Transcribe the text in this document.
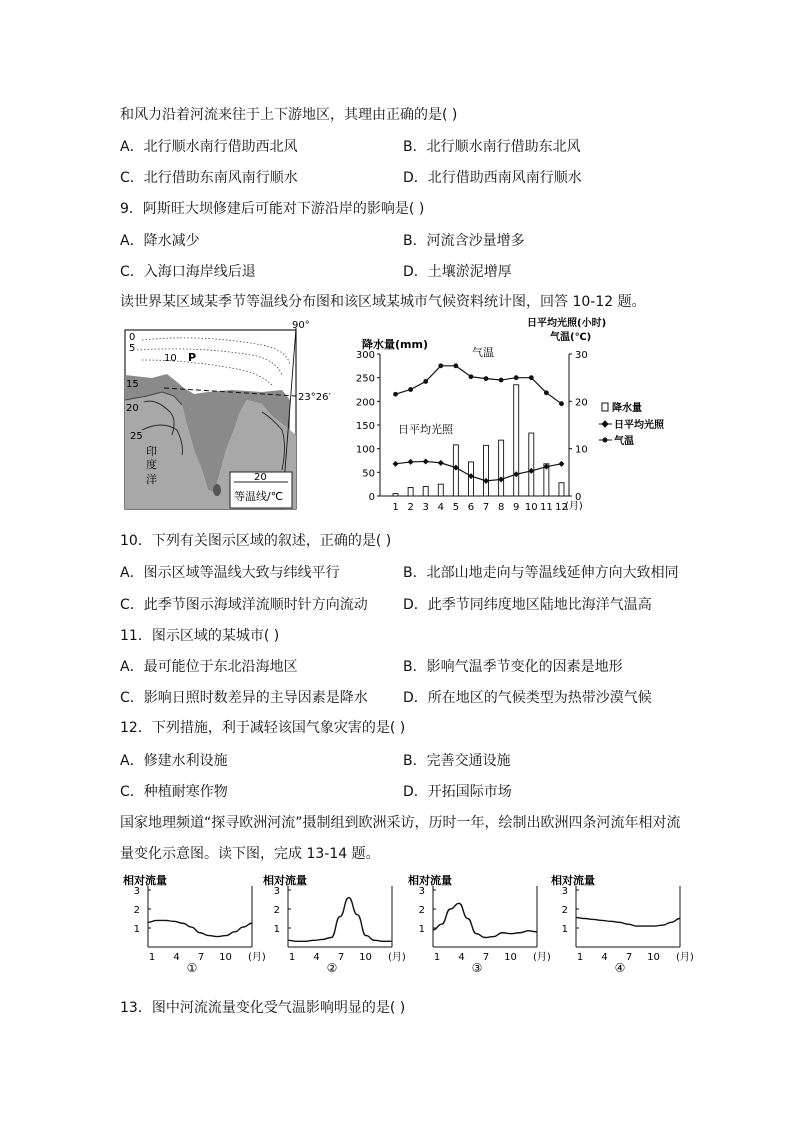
和风力沿着河流来往于上下游地区，其理由正确的是( )
A．北行顺水南行借助西北风	B．北行顺水南行借助东北风
C．北行借助东南风南行顺水	D．北行借助西南风南行顺水
9．阿斯旺大坝修建后可能对下游沿岸的影响是( )
A．降水减少	B．河流含沙量增多
C．入海口海岸线后退	D．土壤淤泥增厚
读世界某区域某季节等温线分布图和该区域某城市气候资料统计图，回答 10-12 题。
0
5
10 P
15
20
25
印
度
洋
90°
23°26′
20
等温线/℃
降水量(mm)
日平均光照(小时)
气温(℃)
0
50
100
150
200
250
300
0
10
20
30
1 2 3 4 5 6 7 8 9 10 11 12
(月)
气温
日平均光照
降水量
日平均光照
气温
10．下列有关图示区域的叙述，正确的是( )
A．图示区域等温线大致与纬线平行	B．北部山地走向与等温线延伸方向大致相同
C．此季节图示海域洋流顺时针方向流动	D．此季节同纬度地区陆地比海洋气温高
11．图示区域的某城市( )
A．最可能位于东北沿海地区	B．影响气温季节变化的因素是地形
C．影响日照时数差异的主导因素是降水	D．所在地区的气候类型为热带沙漠气候
12．下列措施，利于减轻该国气象灾害的是( )
A．修建水利设施	B．完善交通设施
C．种植耐寒作物	D．开拓国际市场
国家地理频道“探寻欧洲河流”摄制组到欧洲采访，历时一年，绘制出欧洲四条河流年相对流
量变化示意图。读下图，完成 13-14 题。
相对流量
1
2
3
1 4 7 10 (月)
①
相对流量
1
2
3
1 4 7 10 (月)
②
相对流量
1
2
3
1 4 7 10 (月)
③
相对流量
1
2
3
1 4 7 10 (月)
④
13．图中河流流量变化受气温影响明显的是( )
